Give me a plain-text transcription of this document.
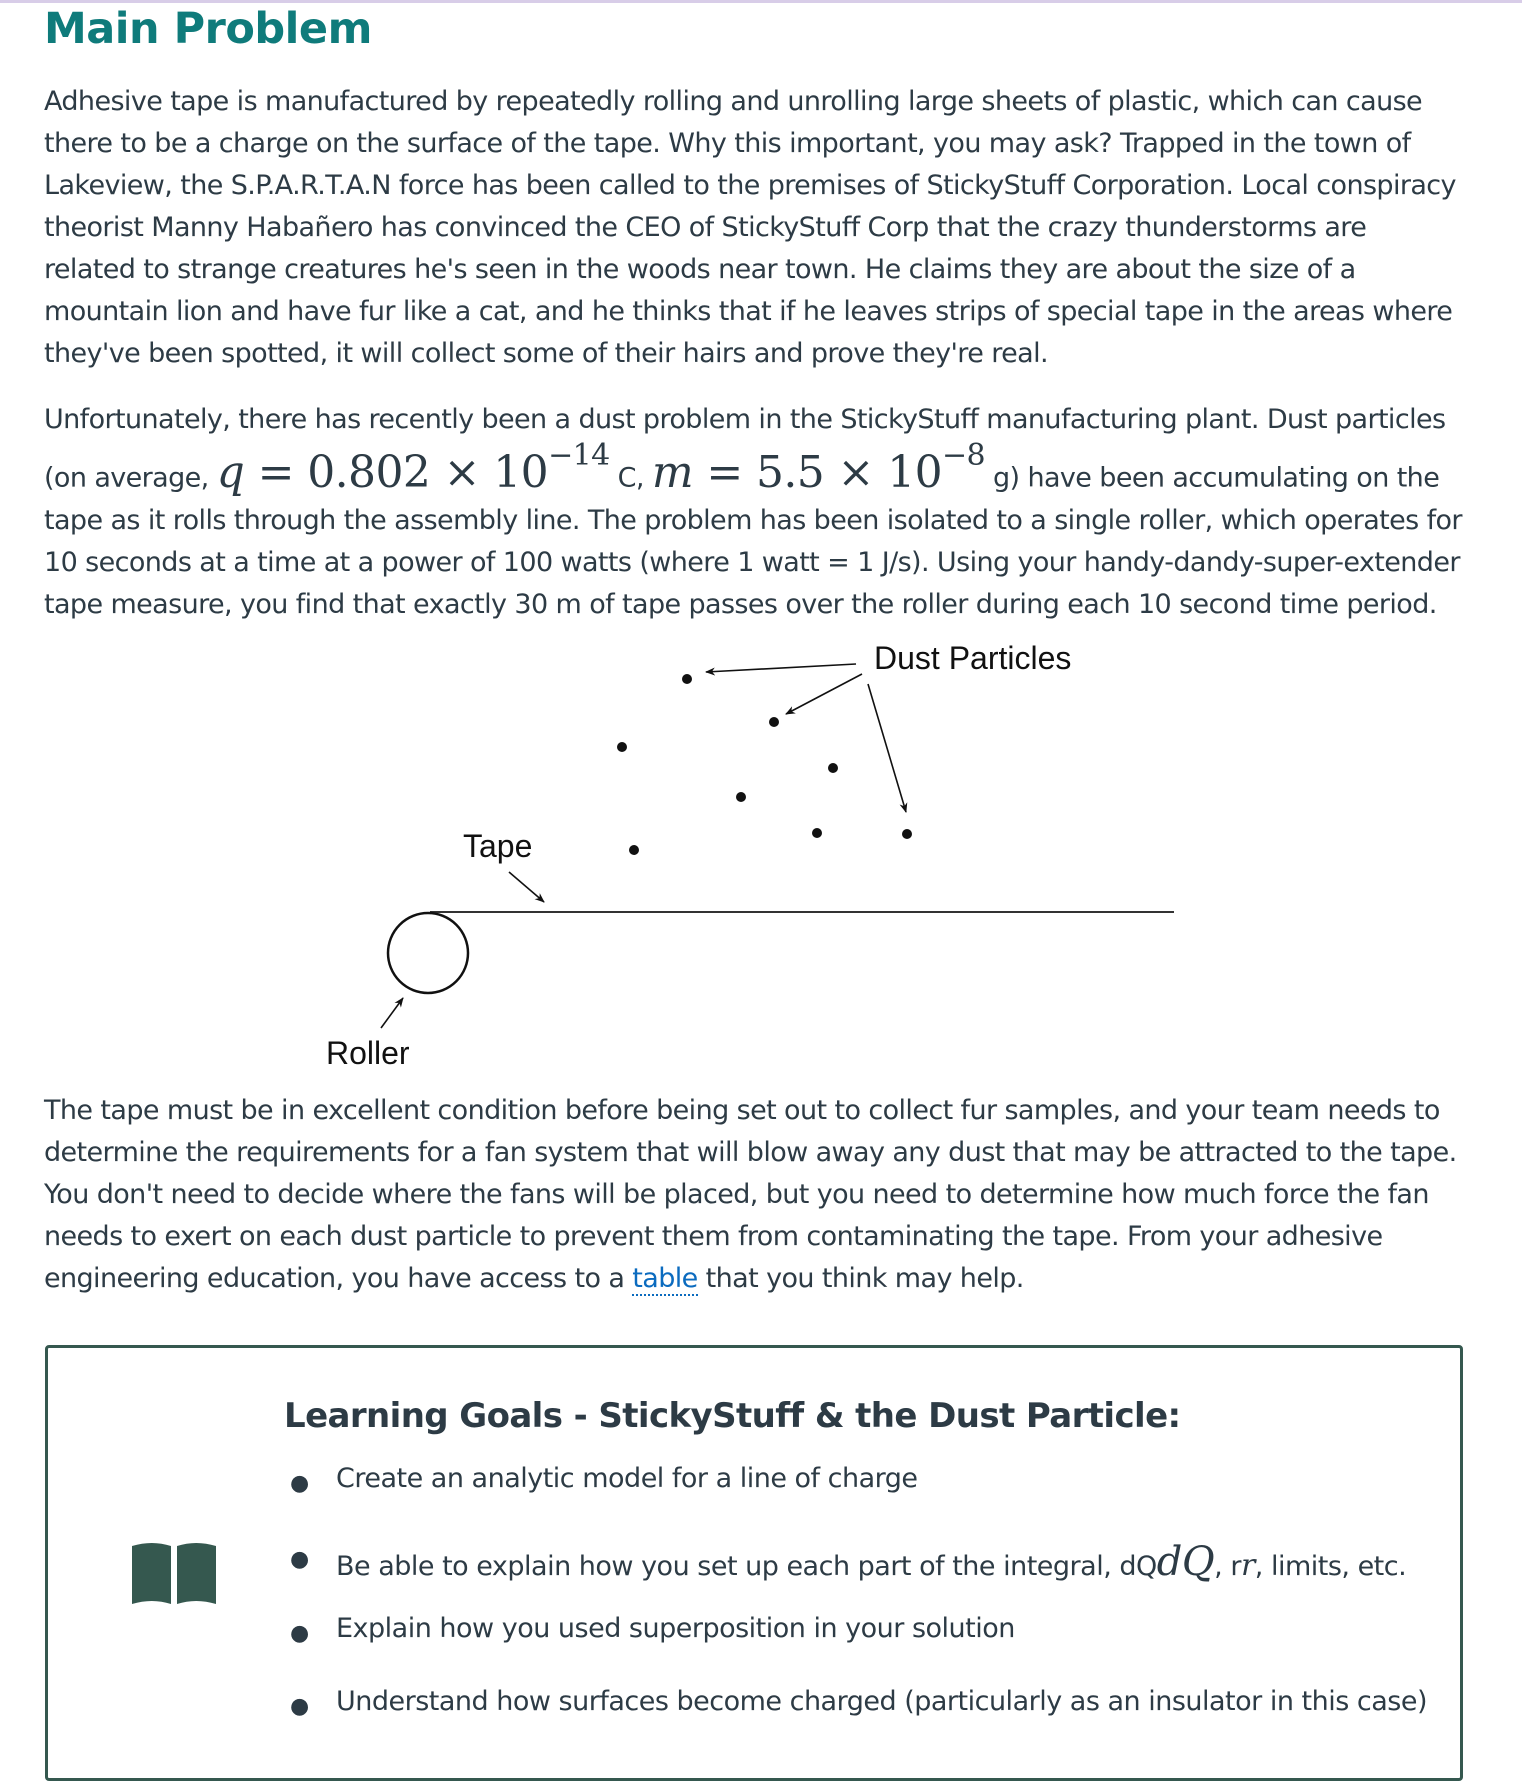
Main Problem

Adhesive tape is manufactured by repeatedly rolling and unrolling large sheets of plastic, which can cause there to be a charge on the surface of the tape. Why this important, you may ask? Trapped in the town of Lakeview, the S.P.A.R.T.A.N force has been called to the premises of StickyStuff Corporation. Local conspiracy theorist Manny Habañero has convinced the CEO of StickyStuff Corp that the crazy thunderstorms are related to strange creatures he's seen in the woods near town. He claims they are about the size of a mountain lion and have fur like a cat, and he thinks that if he leaves strips of special tape in the areas where they've been spotted, it will collect some of their hairs and prove they're real.

Unfortunately, there has recently been a dust problem in the StickyStuff manufacturing plant. Dust particles (on average, $q = 0.802 \times 10^{-14}$ C, $m = 5.5 \times 10^{-8}$ g) have been accumulating on the tape as it rolls through the assembly line. The problem has been isolated to a single roller, which operates for 10 seconds at a time at a power of 100 watts (where 1 watt = 1 J/s). Using your handy-dandy-super-extender tape measure, you find that exactly 30 m of tape passes over the roller during each 10 second time period.

Dust Particles
Tape
Roller

The tape must be in excellent condition before being set out to collect fur samples, and your team needs to determine the requirements for a fan system that will blow away any dust that may be attracted to the tape. You don't need to decide where the fans will be placed, but you need to determine how much force the fan needs to exert on each dust particle to prevent them from contaminating the tape. From your adhesive engineering education, you have access to a table that you think may help.

Learning Goals - StickyStuff & the Dust Particle:
● Create an analytic model for a line of charge
● Be able to explain how you set up each part of the integral, dQdQ, rr, limits, etc.
● Explain how you used superposition in your solution
● Understand how surfaces become charged (particularly as an insulator in this case)
